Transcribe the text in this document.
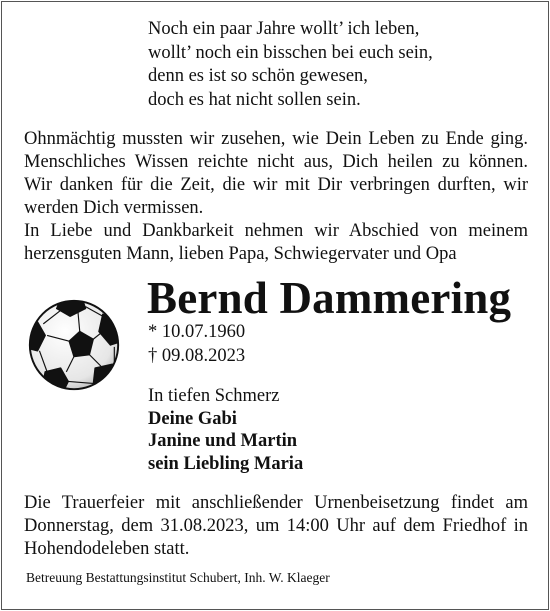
Noch ein paar Jahre wollt’ ich leben,
wollt’ noch ein bisschen bei euch sein,
denn es ist so schön gewesen,
doch es hat nicht sollen sein.
Ohnmächtig mussten wir zusehen, wie Dein Leben zu Ende ging.
Menschliches Wissen reichte nicht aus, Dich heilen zu können.
Wir danken für die Zeit, die wir mit Dir verbringen durften, wir
werden Dich vermissen.
In Liebe und Dankbarkeit nehmen wir Abschied von meinem
herzensguten Mann, lieben Papa, Schwiegervater und Opa
Bernd Dammering
* 10.07.1960
† 09.08.2023
In tiefen Schmerz
Deine Gabi
Janine und Martin
sein Liebling Maria
Die Trauerfeier mit anschließender Urnenbeisetzung findet am
Donnerstag, dem 31.08.2023, um 14:00 Uhr auf dem Friedhof in
Hohendodeleben statt.
Betreuung Bestattungsinstitut Schubert, Inh. W. Klaeger
